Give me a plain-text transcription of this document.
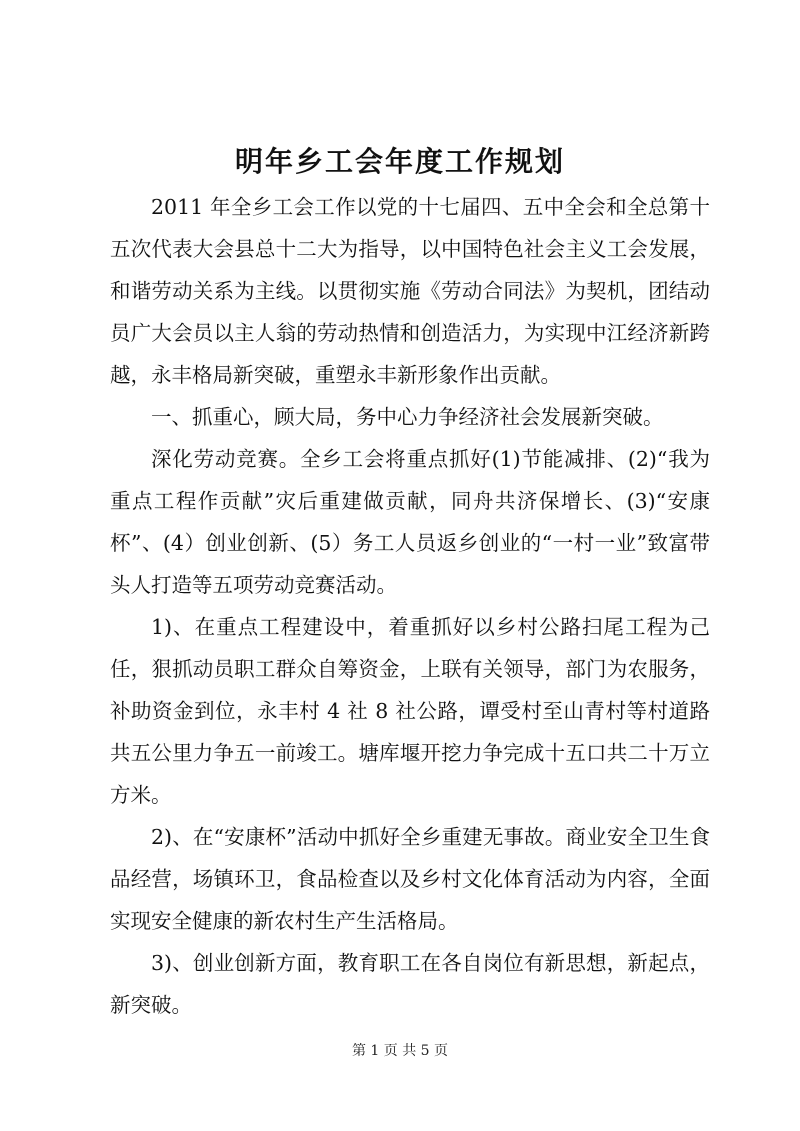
明年乡工会年度工作规划

2011 年全乡工会工作以党的十七届四、五中全会和全总第十五次代表大会县总十二大为指导，以中国特色社会主义工会发展，和谐劳动关系为主线。以贯彻实施《劳动合同法》为契机，团结动员广大会员以主人翁的劳动热情和创造活力，为实现中江经济新跨越，永丰格局新突破，重塑永丰新形象作出贡献。

一、抓重心，顾大局，务中心力争经济社会发展新突破。

深化劳动竞赛。全乡工会将重点抓好(1)节能减排、(2)“我为重点工程作贡献”灾后重建做贡献，同舟共济保增长、(3)“安康杯”、(4）创业创新、(5）务工人员返乡创业的“一村一业”致富带头人打造等五项劳动竞赛活动。

1)、在重点工程建设中，着重抓好以乡村公路扫尾工程为己任，狠抓动员职工群众自筹资金，上联有关领导，部门为农服务，补助资金到位，永丰村 4 社 8 社公路，谭受村至山青村等村道路共五公里力争五一前竣工。塘库堰开挖力争完成十五口共二十万立方米。

2)、在“安康杯”活动中抓好全乡重建无事故。商业安全卫生食品经营，场镇环卫，食品检查以及乡村文化体育活动为内容，全面实现安全健康的新农村生产生活格局。

3)、创业创新方面，教育职工在各自岗位有新思想，新起点，新突破。

第 1 页 共 5 页
